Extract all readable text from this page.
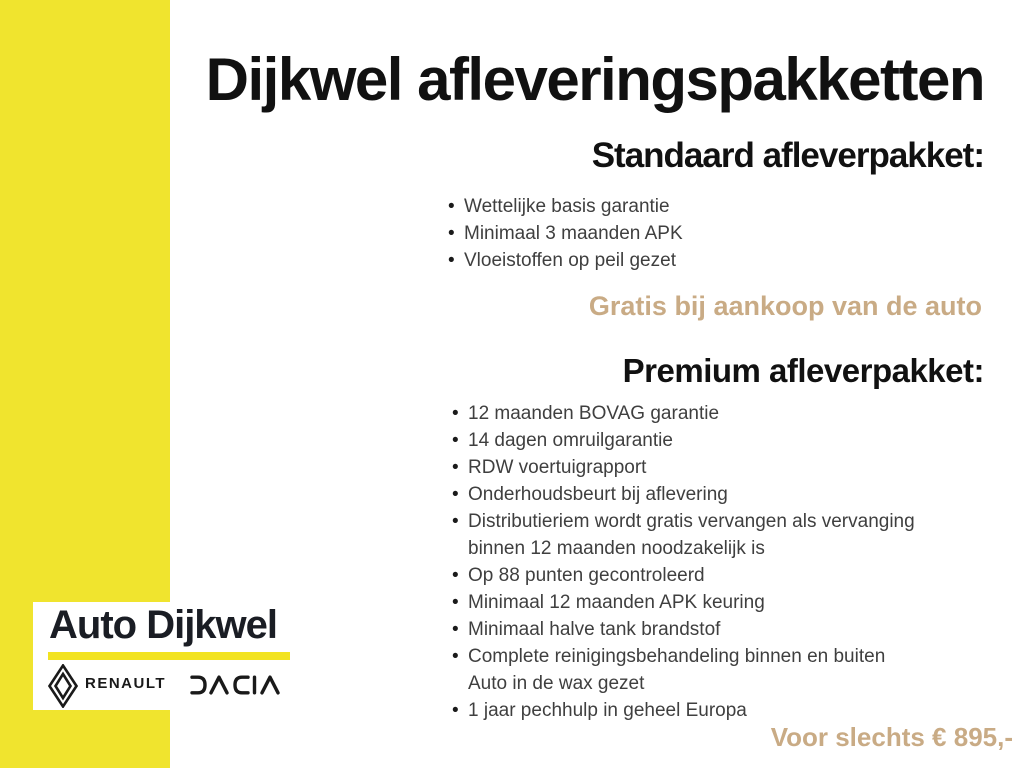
Dijkwel afleveringspakketten
Standaard afleverpakket:
• Wettelijke basis garantie
• Minimaal 3 maanden APK
• Vloeistoffen op peil gezet
Gratis bij aankoop van de auto
Premium afleverpakket:
• 12 maanden BOVAG garantie
• 14 dagen omruilgarantie
• RDW voertuigrapport
• Onderhoudsbeurt bij aflevering
• Distributieriem wordt gratis vervangen als vervanging
binnen 12 maanden noodzakelijk is
• Op 88 punten gecontroleerd
• Minimaal 12 maanden APK keuring
• Minimaal halve tank brandstof
• Complete reinigingsbehandeling binnen en buiten
Auto in de wax gezet
• 1 jaar pechhulp in geheel Europa
Voor slechts € 895,-
Auto Dijkwel
RENAULT
